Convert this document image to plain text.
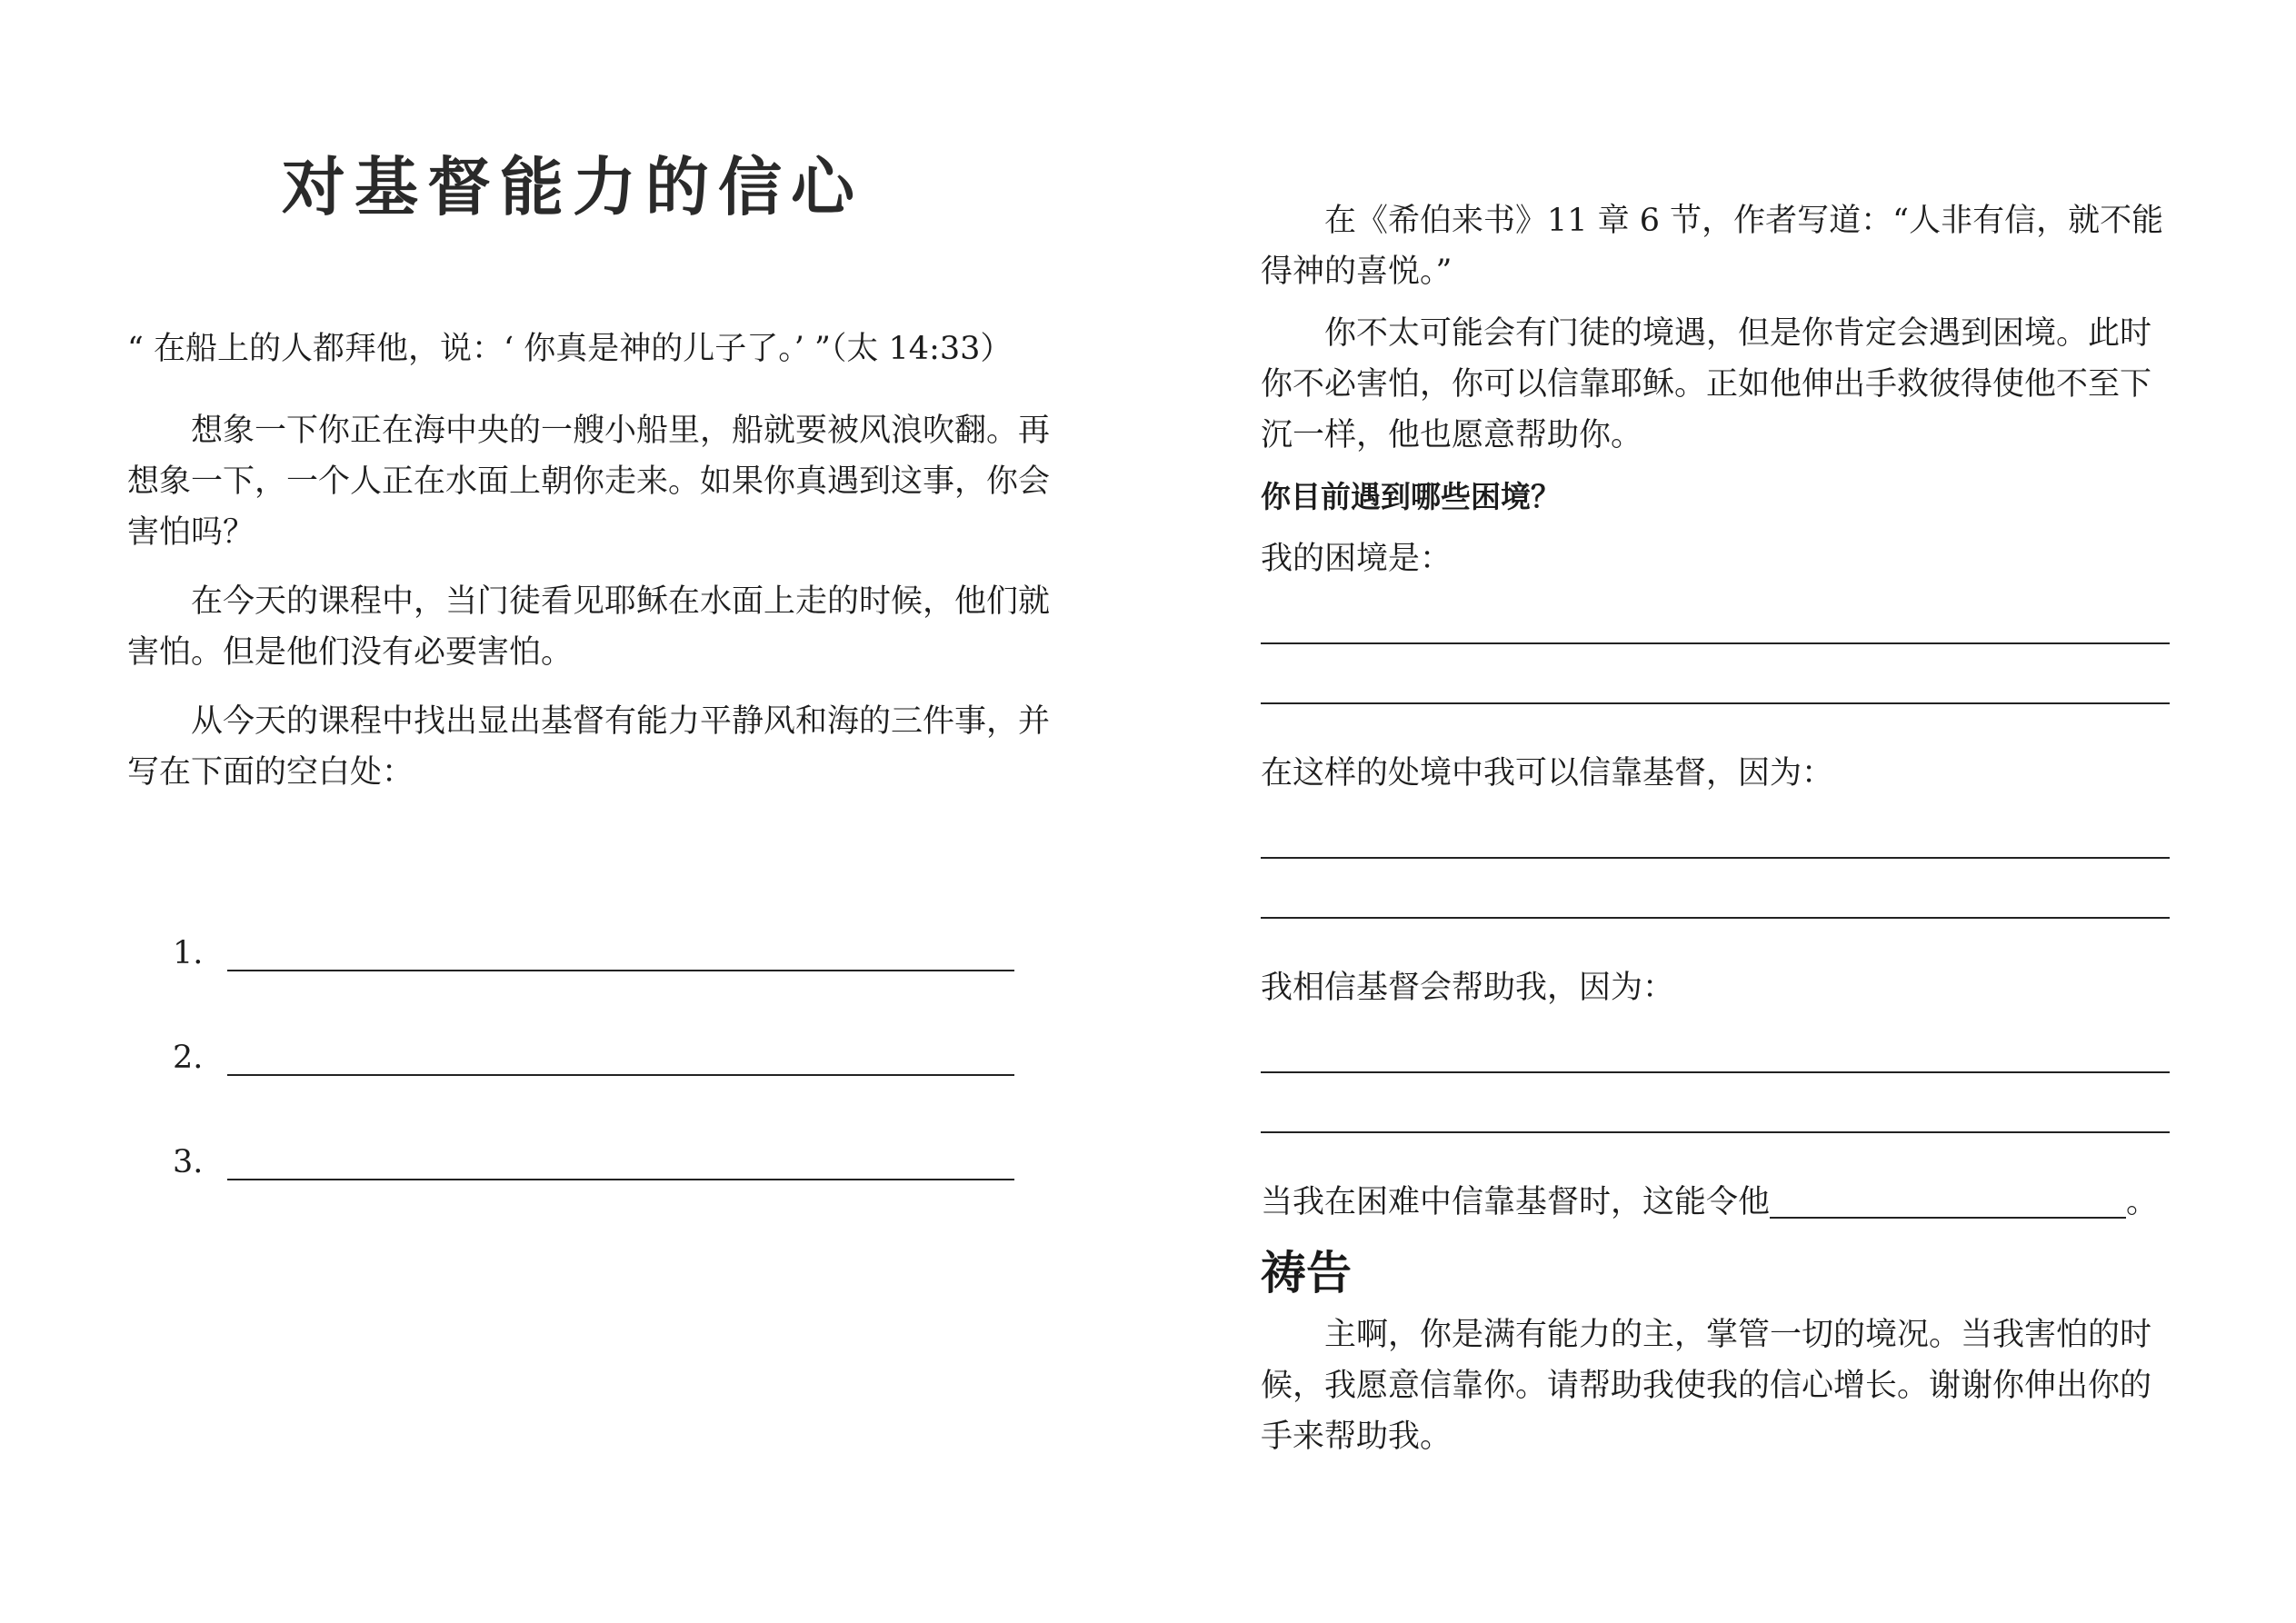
对基督能力的信心

“ 在船上的人都拜他，说：‘ 你真是神的儿子了。’ ”（太 14:33）

想象一下你正在海中央的一艘小船里，船就要被风浪吹翻。再想象一下，一个人正在水面上朝你走来。如果你真遇到这事，你会害怕吗？

在今天的课程中，当门徒看见耶稣在水面上走的时候，他们就害怕。但是他们没有必要害怕。

从今天的课程中找出显出基督有能力平静风和海的三件事，并写在下面的空白处：

1.
2.
3.

在《希伯来书》11 章 6 节，作者写道：“人非有信，就不能得神的喜悦。”

你不太可能会有门徒的境遇，但是你肯定会遇到困境。此时你不必害怕，你可以信靠耶稣。正如他伸出手救彼得使他不至下沉一样，他也愿意帮助你。

你目前遇到哪些困境？

我的困境是：

在这样的处境中我可以信靠基督，因为：

我相信基督会帮助我，因为：

当我在困难中信靠基督时，这能令他	。
祷告

主啊，你是满有能力的主，掌管一切的境况。当我害怕的时候，我愿意信靠你。请帮助我使我的信心增长。谢谢你伸出你的手来帮助我。
